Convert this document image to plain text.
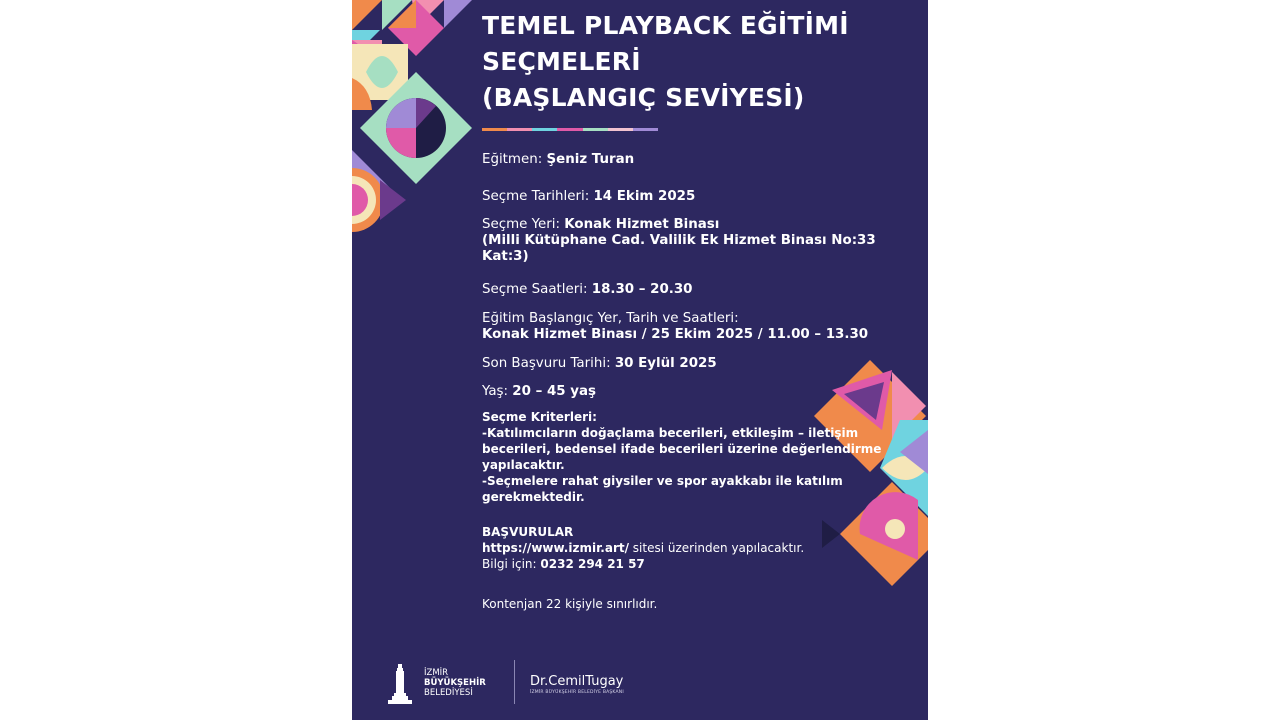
TEMEL PLAYBACK EĞİTİMİ
SEÇMELERİ
(BAŞLANGIÇ SEVİYESİ)

Eğitmen: Şeniz Turan

Seçme Tarihleri: 14 Ekim 2025

Seçme Yeri: Konak Hizmet Binası
(Milli Kütüphane Cad. Valilik Ek Hizmet Binası No:33
Kat:3)

Seçme Saatleri: 18.30 – 20.30

Eğitim Başlangıç Yer, Tarih ve Saatleri:
Konak Hizmet Binası / 25 Ekim 2025 / 11.00 – 13.30

Son Başvuru Tarihi: 30 Eylül 2025

Yaş: 20 – 45 yaş

Seçme Kriterleri:
-Katılımcıların doğaçlama becerileri, etkileşim – iletişim
becerileri, bedensel ifade becerileri üzerine değerlendirme
yapılacaktır.
-Seçmelere rahat giysiler ve spor ayakkabı ile katılım
gerekmektedir.
BAŞVURULAR
https://www.izmir.art/ sitesi üzerinden yapılacaktır.
Bilgi için: 0232 294 21 57
Kontenjan 22 kişiyle sınırlıdır.
İZMİR
BÜYÜKŞEHİR
BELEDİYESİ
Dr.CemilTugay
İZMİR BÜYÜKŞEHİR BELEDİYE BAŞKANI
